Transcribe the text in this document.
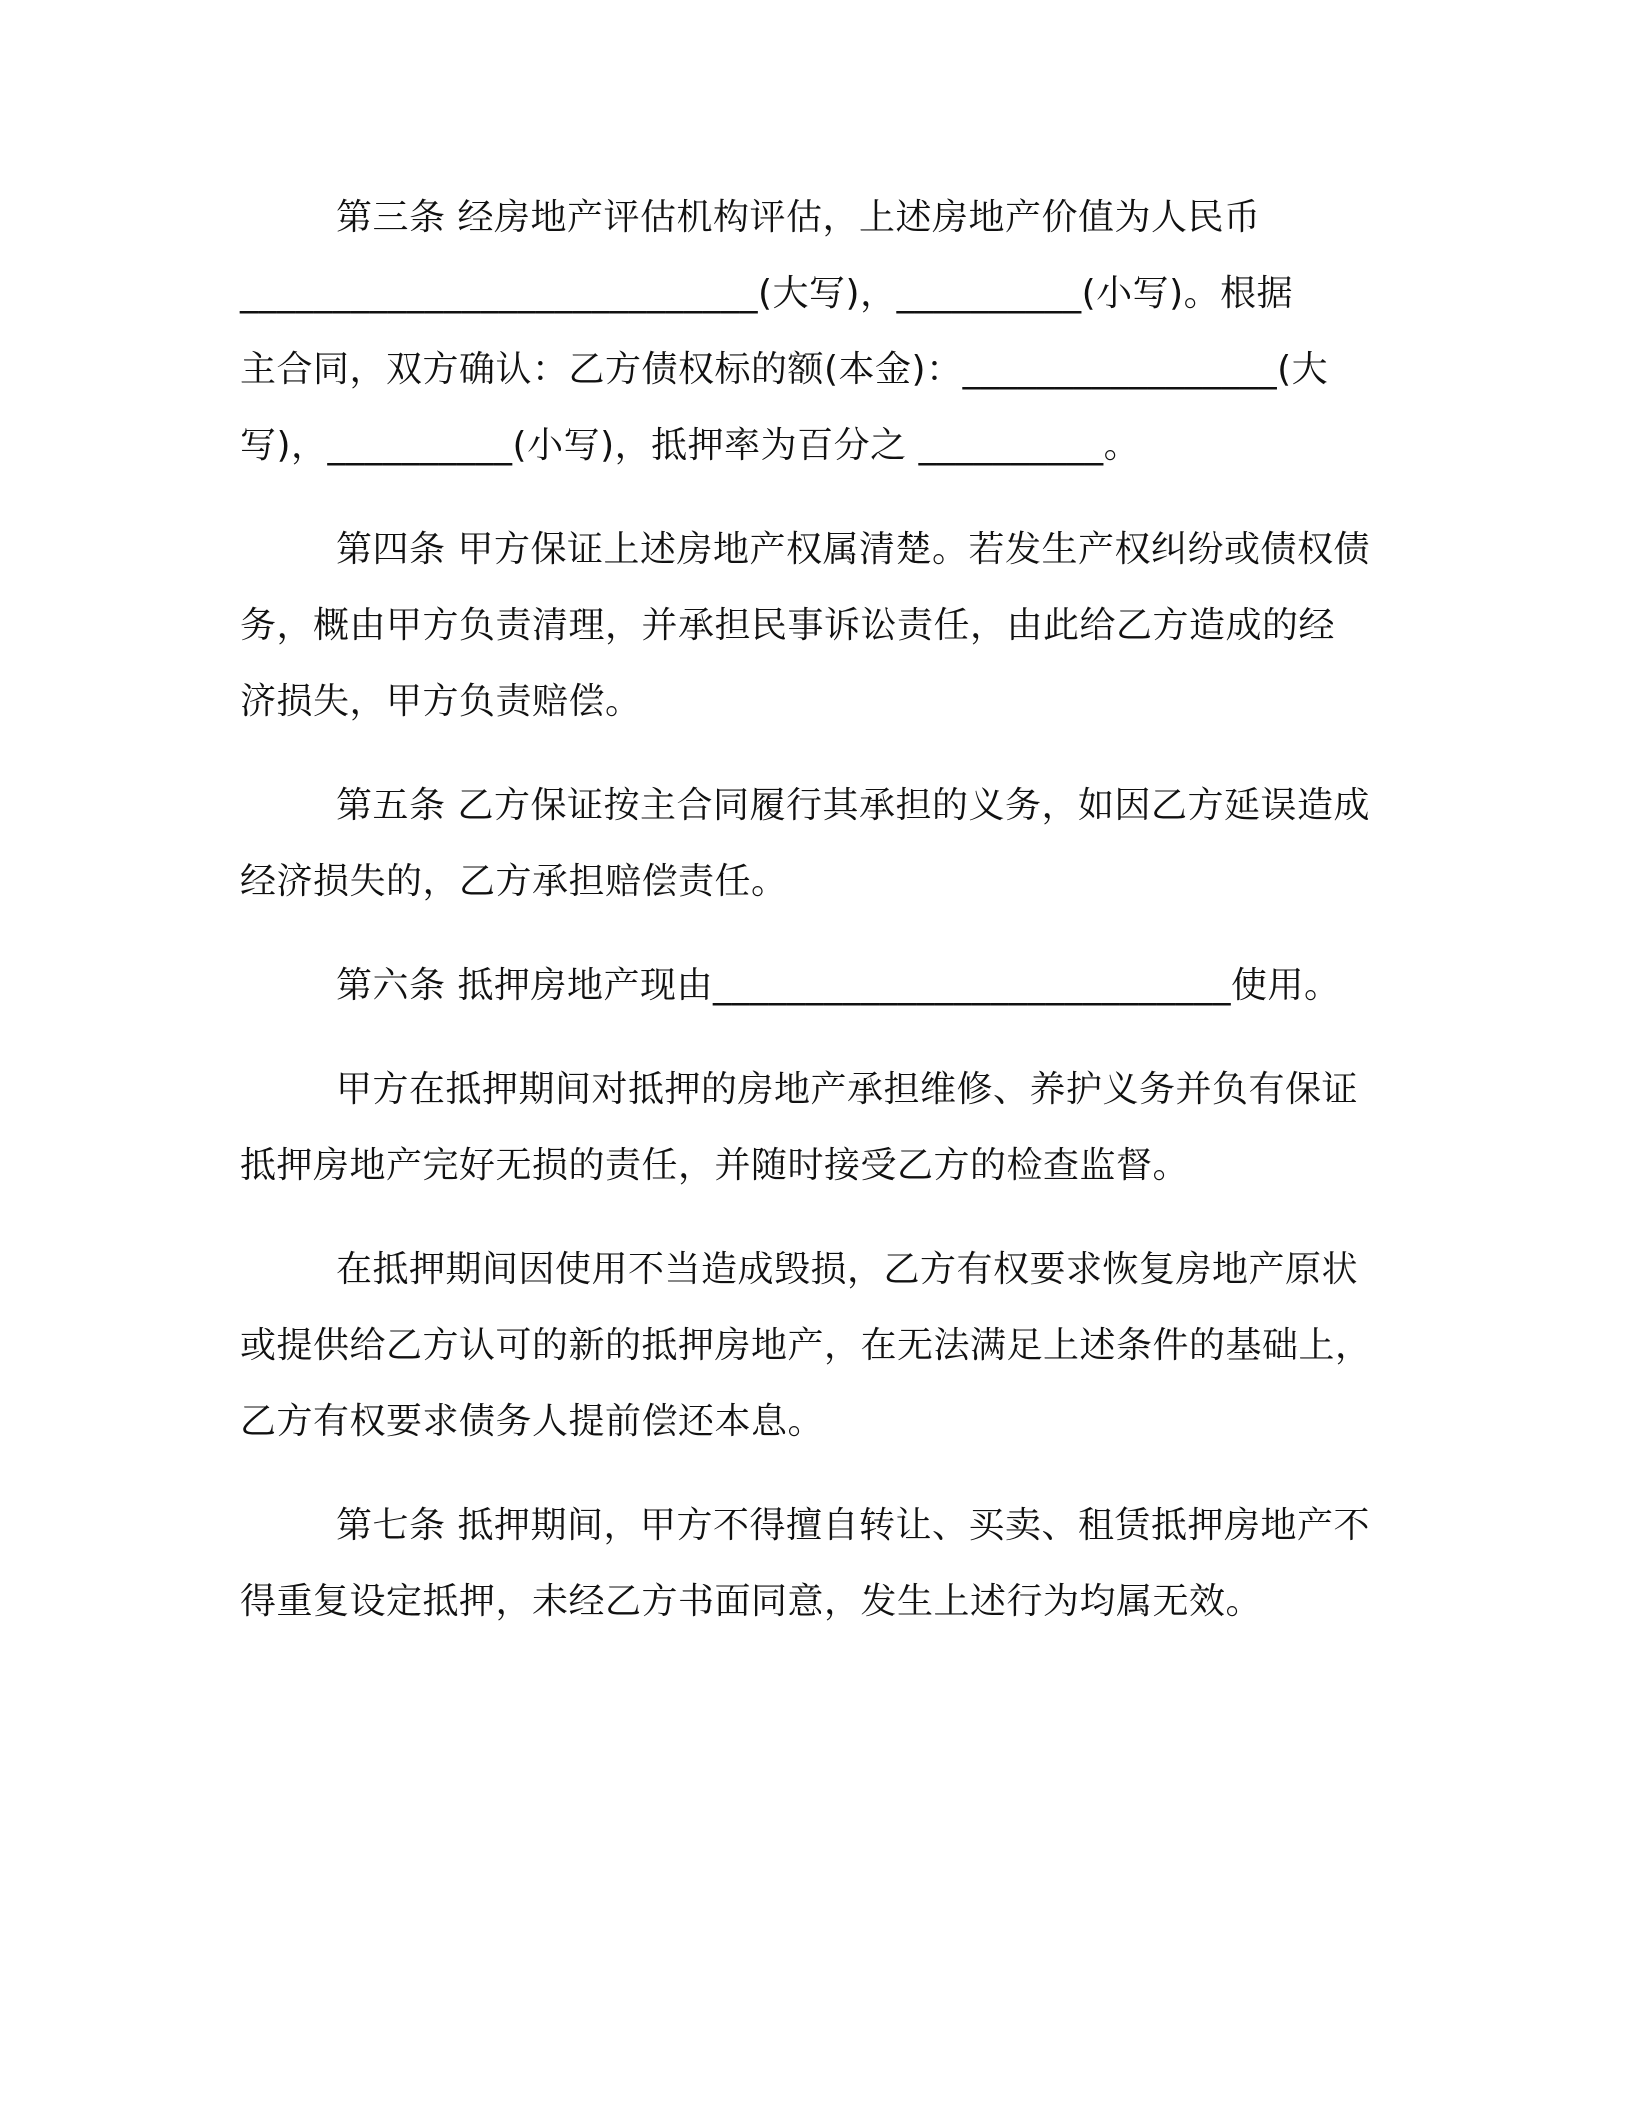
第三条 经房地产评估机构评估，上述房地产价值为人民币
____________________________(大写)，__________(小写)。根据
主合同，双方确认：乙方债权标的额(本金)：_________________(大
写)，__________(小写)，抵押率为百分之 __________。
第四条 甲方保证上述房地产权属清楚。若发生产权纠纷或债权债
务，概由甲方负责清理，并承担民事诉讼责任，由此给乙方造成的经
济损失，甲方负责赔偿。
第五条 乙方保证按主合同履行其承担的义务，如因乙方延误造成
经济损失的，乙方承担赔偿责任。
第六条 抵押房地产现由____________________________使用。
甲方在抵押期间对抵押的房地产承担维修、养护义务并负有保证
抵押房地产完好无损的责任，并随时接受乙方的检查监督。
在抵押期间因使用不当造成毁损，乙方有权要求恢复房地产原状
或提供给乙方认可的新的抵押房地产，在无法满足上述条件的基础上，
乙方有权要求债务人提前偿还本息。
第七条 抵押期间，甲方不得擅自转让、买卖、租赁抵押房地产不
得重复设定抵押，未经乙方书面同意，发生上述行为均属无效。
